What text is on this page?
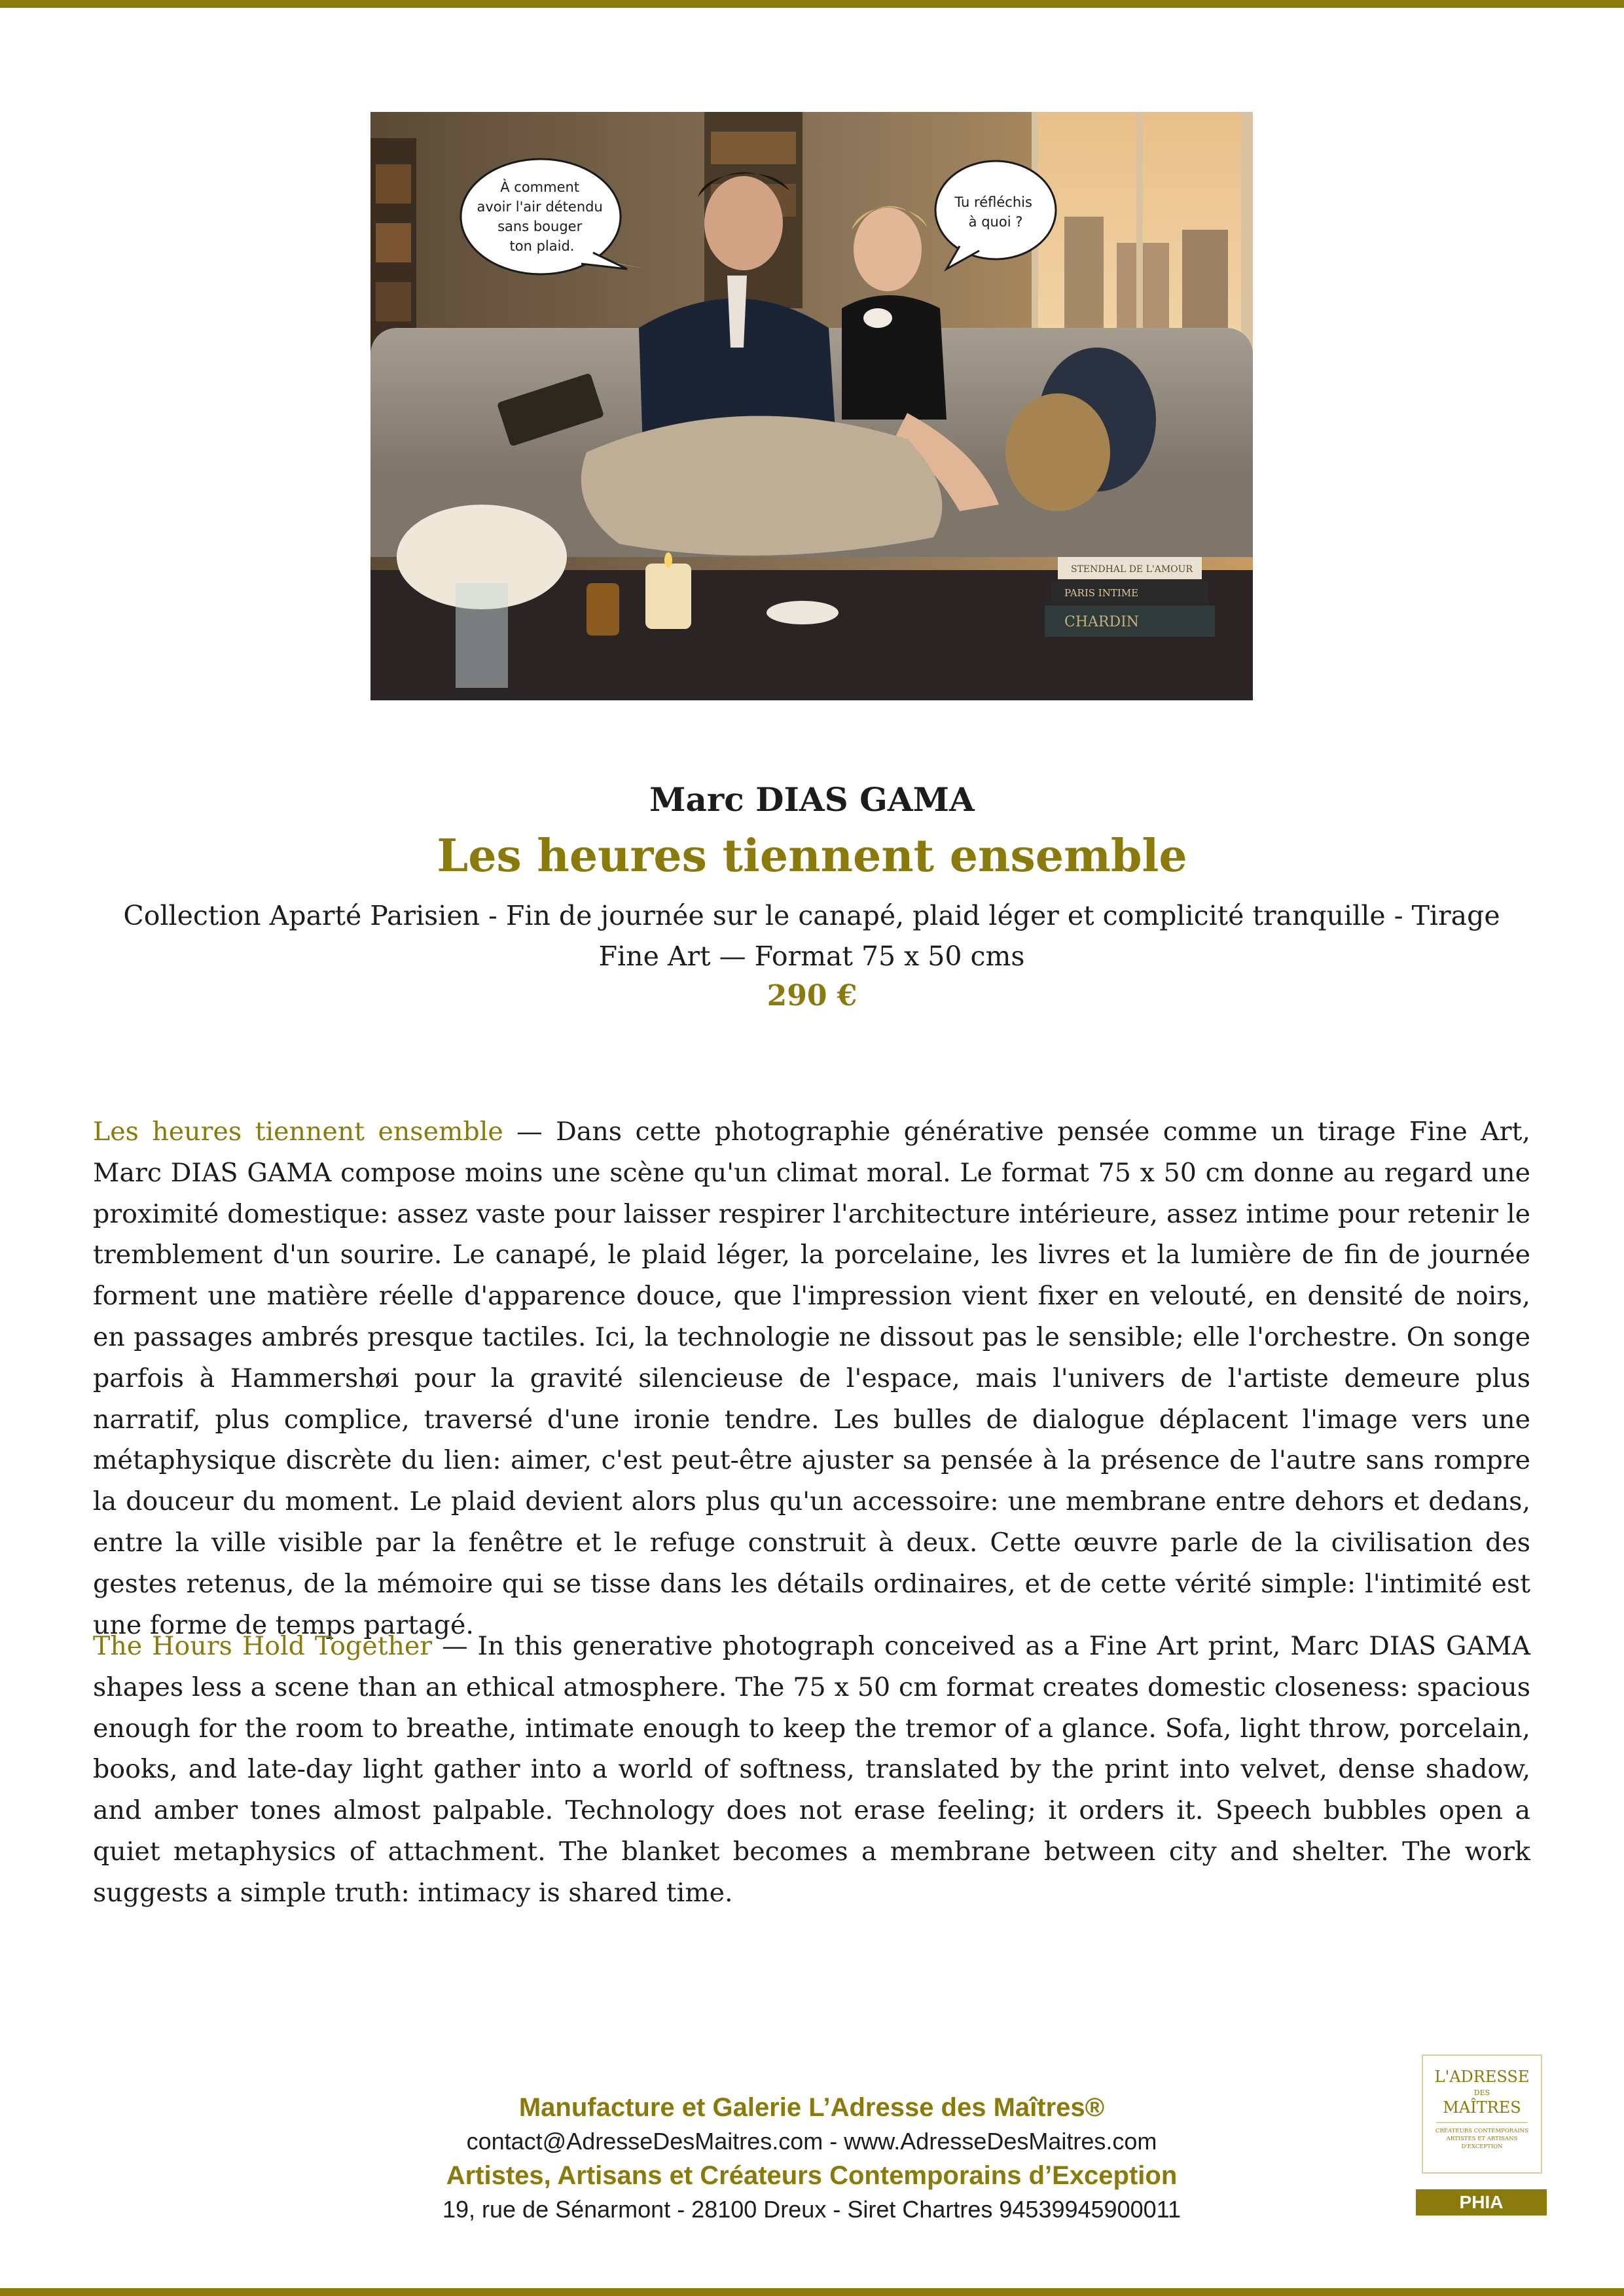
STENDHAL DE L'AMOUR
PARIS INTIME
CHARDIN
À comment avoir l'air détendu sans bouger ton plaid.
Tu réfléchis à quoi ?
Marc DIAS GAMA
Les heures tiennent ensemble
Collection Aparté Parisien - Fin de journée sur le canapé, plaid léger et complicité tranquille - Tirage Fine Art — Format 75 x 50 cms
290 €
Les heures tiennent ensemble — Dans cette photographie générative pensée comme un tirage Fine Art, Marc DIAS GAMA compose moins une scène qu'un climat moral. Le format 75 x 50 cm donne au regard une proximité domestique: assez vaste pour laisser respirer l'architecture intérieure, assez intime pour retenir le tremblement d'un sourire. Le canapé, le plaid léger, la porcelaine, les livres et la lumière de fin de journée forment une matière réelle d'apparence douce, que l'impression vient fixer en velouté, en densité de noirs, en passages ambrés presque tactiles. Ici, la technologie ne dissout pas le sensible; elle l'orchestre. On songe parfois à Hammershøi pour la gravité silencieuse de l'espace, mais l'univers de l'artiste demeure plus narratif, plus complice, traversé d'une ironie tendre. Les bulles de dialogue déplacent l'image vers une métaphysique discrète du lien: aimer, c'est peut-être ajuster sa pensée à la présence de l'autre sans rompre la douceur du moment. Le plaid devient alors plus qu'un accessoire: une membrane entre dehors et dedans, entre la ville visible par la fenêtre et le refuge construit à deux. Cette œuvre parle de la civilisation des gestes retenus, de la mémoire qui se tisse dans les détails ordinaires, et de cette vérité simple: l'intimité est une forme de temps partagé.
The Hours Hold Together — In this generative photograph conceived as a Fine Art print, Marc DIAS GAMA shapes less a scene than an ethical atmosphere. The 75 x 50 cm format creates domestic closeness: spacious enough for the room to breathe, intimate enough to keep the tremor of a glance. Sofa, light throw, porcelain, books, and late-day light gather into a world of softness, translated by the print into velvet, dense shadow, and amber tones almost palpable. Technology does not erase feeling; it orders it. Speech bubbles open a quiet metaphysics of attachment. The blanket becomes a membrane between city and shelter. The work suggests a simple truth: intimacy is shared time.
Manufacture et Galerie L’Adresse des Maîtres®
contact@AdresseDesMaitres.com - www.AdresseDesMaitres.com
Artistes, Artisans et Créateurs Contemporains d’Exception
19, rue de Sénarmont - 28100 Dreux - Siret Chartres 94539945900011
L'ADRESSE
DES
MAÎTRES
CRÉATEURS CONTEMPORAINS ARTISTES ET ARTISANS D'EXCEPTION
PHIA
